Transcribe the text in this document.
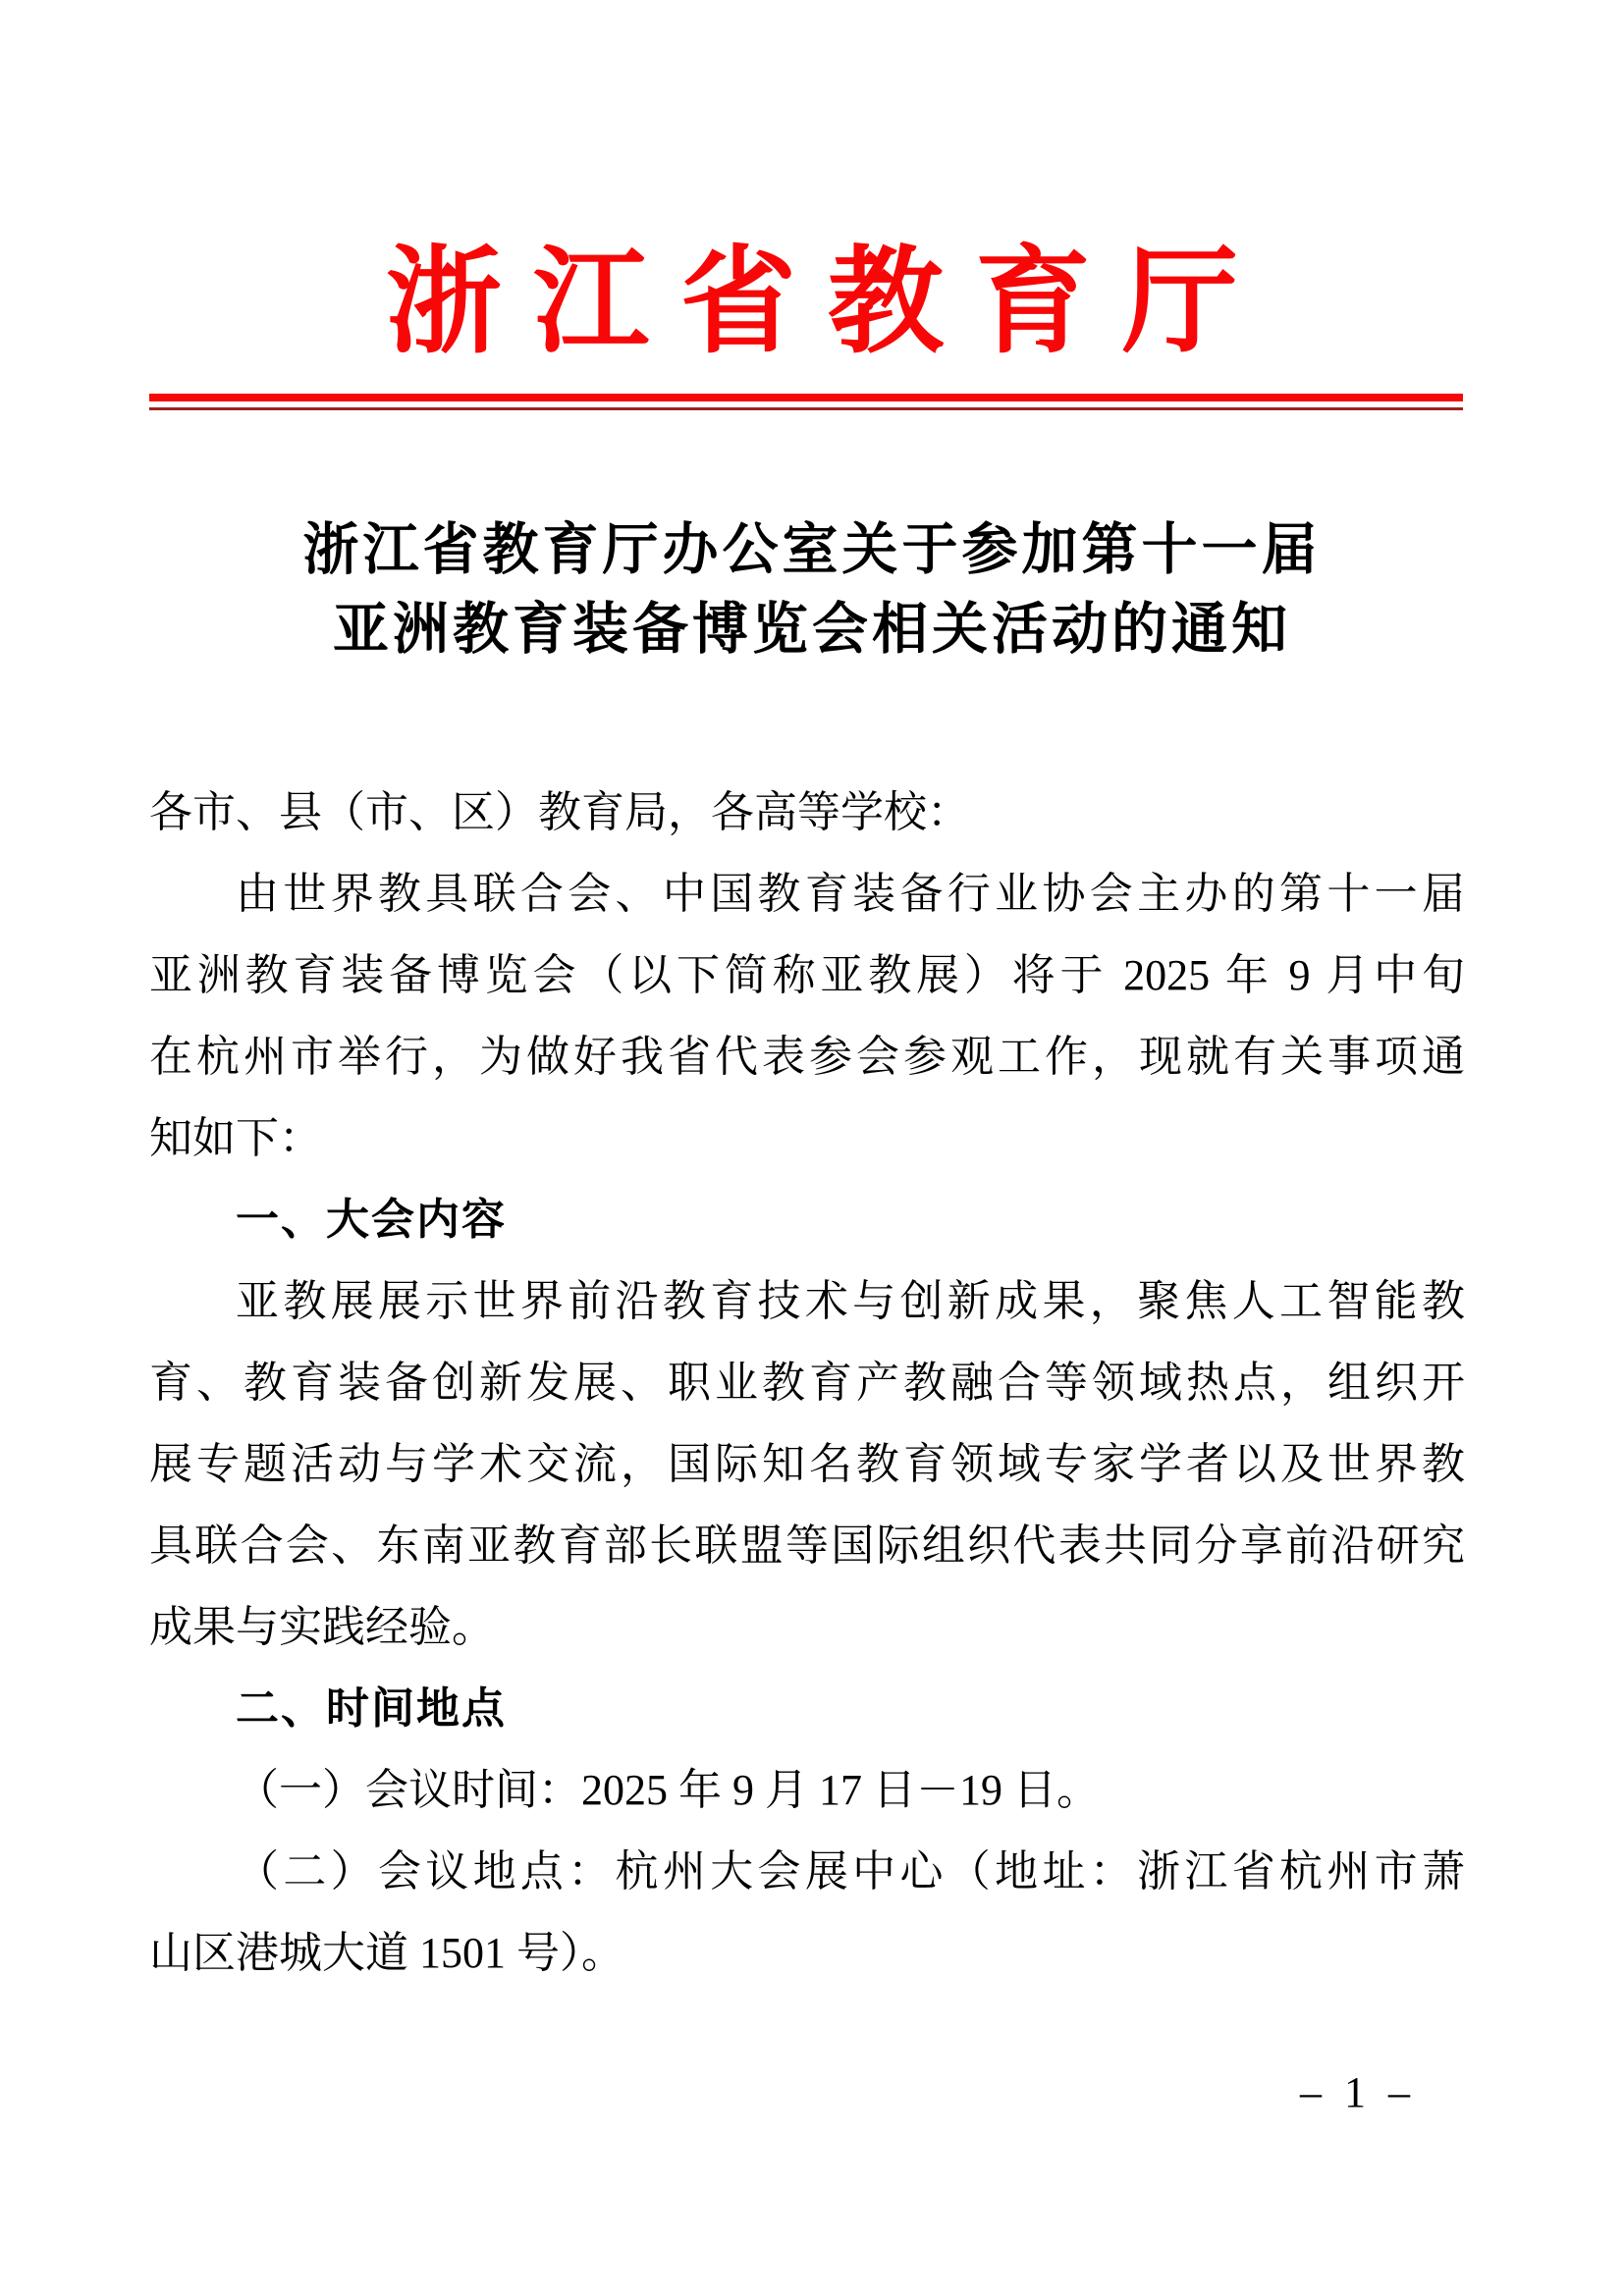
浙江省教育厅
浙江省教育厅办公室关于参加第十一届
亚洲教育装备博览会相关活动的通知
各市、县（市、区）教育局，各高等学校：
由世界教具联合会、中国教育装备行业协会主办的第十一届
亚洲教育装备博览会（以下简称亚教展）将于 2025 年 9 月中旬
在杭州市举行，为做好我省代表参会参观工作，现就有关事项通
知如下：
一、大会内容
亚教展展示世界前沿教育技术与创新成果，聚焦人工智能教
育、教育装备创新发展、职业教育产教融合等领域热点，组织开
展专题活动与学术交流，国际知名教育领域专家学者以及世界教
具联合会、东南亚教育部长联盟等国际组织代表共同分享前沿研究
成果与实践经验。
二、时间地点
（一）会议时间：2025 年 9 月 17 日－19 日。
（二）会议地点：杭州大会展中心（地址：浙江省杭州市萧
山区港城大道 1501 号）。
– 1 –
